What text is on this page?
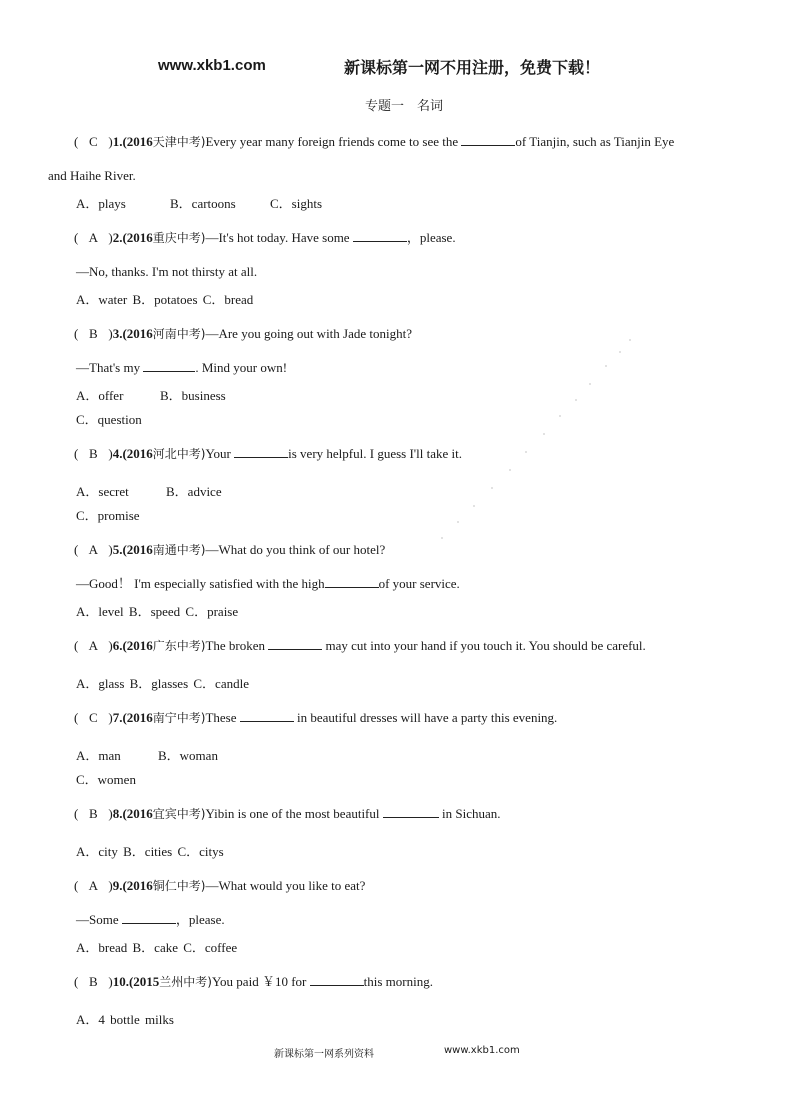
www.xkb1.com	新课标第一网不用注册，免费下载！
专题一　名词
( C )1.(2016天津中考)Every year many foreign friends come to see the	of Tianjin, such as Tianjin Eye
and Haihe River.
A．plays	B．cartoons	C．sights
( A )2.(2016重庆中考)—It's hot today. Have some	，please.
—No, thanks. I'm not thirsty at all.
A．water B．potatoes C．bread
( B )3.(2016河南中考)—Are you going out with Jade tonight?
—That's my	. Mind your own!
A．offer	B．business
C．question
( B )4.(2016河北中考)Your	is very helpful. I guess I'll take it.
A．secret	B．advice
C．promise
( A )5.(2016南通中考)—What do you think of our hotel?
—Good！ I'm especially satisfied with the high	of your service.
A．level B．speed C．praise
( A )6.(2016广东中考)The broken	may cut into your hand if you touch it. You should be careful.
A．glass B．glasses C．candle
( C )7.(2016南宁中考)These	in beautiful dresses will have a party this evening.
A．man	B．woman
C．women
( B )8.(2016宜宾中考)Yibin is one of the most beautiful	in Sichuan.
A．city B．cities C．citys
( A )9.(2016铜仁中考)—What would you like to eat?
—Some	，please.
A．bread B．cake C．coffee
( B )10.(2015兰州中考)You paid ￥10 for	this morning.
A．4 bottle milks
新课标第一网系列资料	www.xkb1.com
